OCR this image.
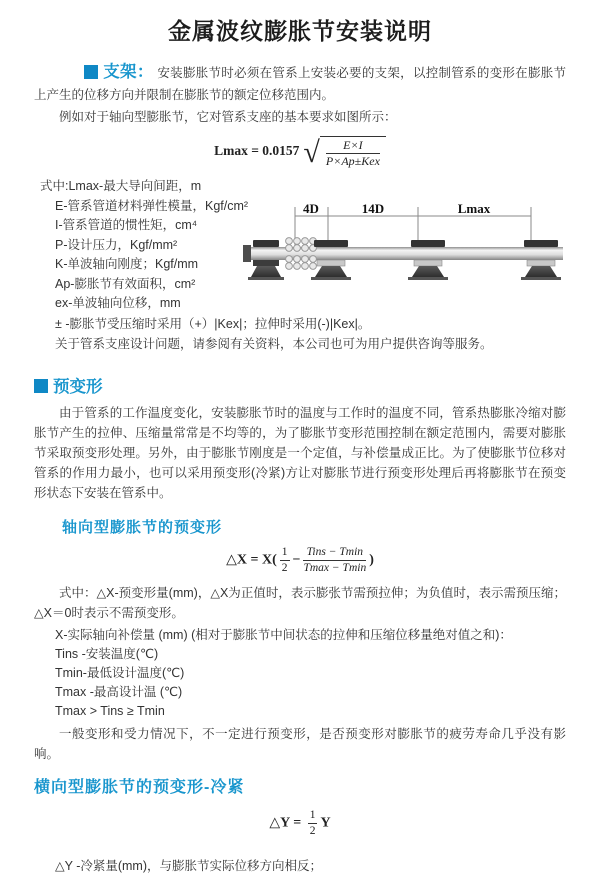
金属波纹膨胀节安装说明

支架： 安装膨胀节时必须在管系上安装必要的支架，以控制管系的变形在膨胀节上产生的位移方向并限制在膨胀节的额定位移范围内。

例如对于轴向型膨胀节，它对管系支座的基本要求如图所示：

Lmax = 0.0157 √	E×I
P×Ap±Kex
式中:Lmax-最大导向间距，m
E-管系管道材料弹性模量，Kgf/cm²
I-管系管道的惯性矩，cm⁴
P-设计压力，Kgf/mm²
K-单波轴向刚度；Kgf/mm
Ap-膨胀节有效面积，cm²
ex-单波轴向位移，mm
± -膨胀节受压缩时采用（+）|Kex|；拉伸时采用(-)|Kex|。
关于管系支座设计问题，请参阅有关资料，本公司也可为用户提供咨询等服务。
4D	14D	Lmax
预变形

由于管系的工作温度变化，安装膨胀节时的温度与工作时的温度不同，管系热膨胀冷缩对膨胀节产生的拉伸、压缩量常常是不均等的，为了膨胀节变形范围控制在额定范围内，需要对膨胀节采取预变形处理。另外，由于膨胀节刚度是一个定值，与补偿量成正比。为了使膨胀节位移对管系的作用力最小，也可以采用预变形(冷紧)方让对膨胀节进行预变形处理后再将膨胀节在预变形状态下安装在管系中。

轴向型膨胀节的预变形
△X = $X( \frac{1}{2} - \frac{\text{Tins − Tmin}}{Tmax - Tmin}$ )

式中：△X-预变形量(mm)，△X为正值时，表示膨张节需预拉伸；为负值时，表示需预压缩；△X＝0时表示不需预变形。

X-实际轴向补偿量 (mm) (相对于膨胀节中间状态的拉伸和压缩位移量绝对值之和)：
Tins -安装温度(℃)
Tmin-最低设计温度(℃)
Tmax -最高设计温 (℃)
Tmax > Tins ≥ Tmin

一般变形和受力情况下，不一定进行预变形，是否预变形对膨胀节的疲劳寿命几乎没有影响。

横向型膨胀节的预变形-冷紧
△Y = $\frac{1}{2}$ Y
△Y -冷紧量(mm)，与膨胀节实际位移方向相反；
